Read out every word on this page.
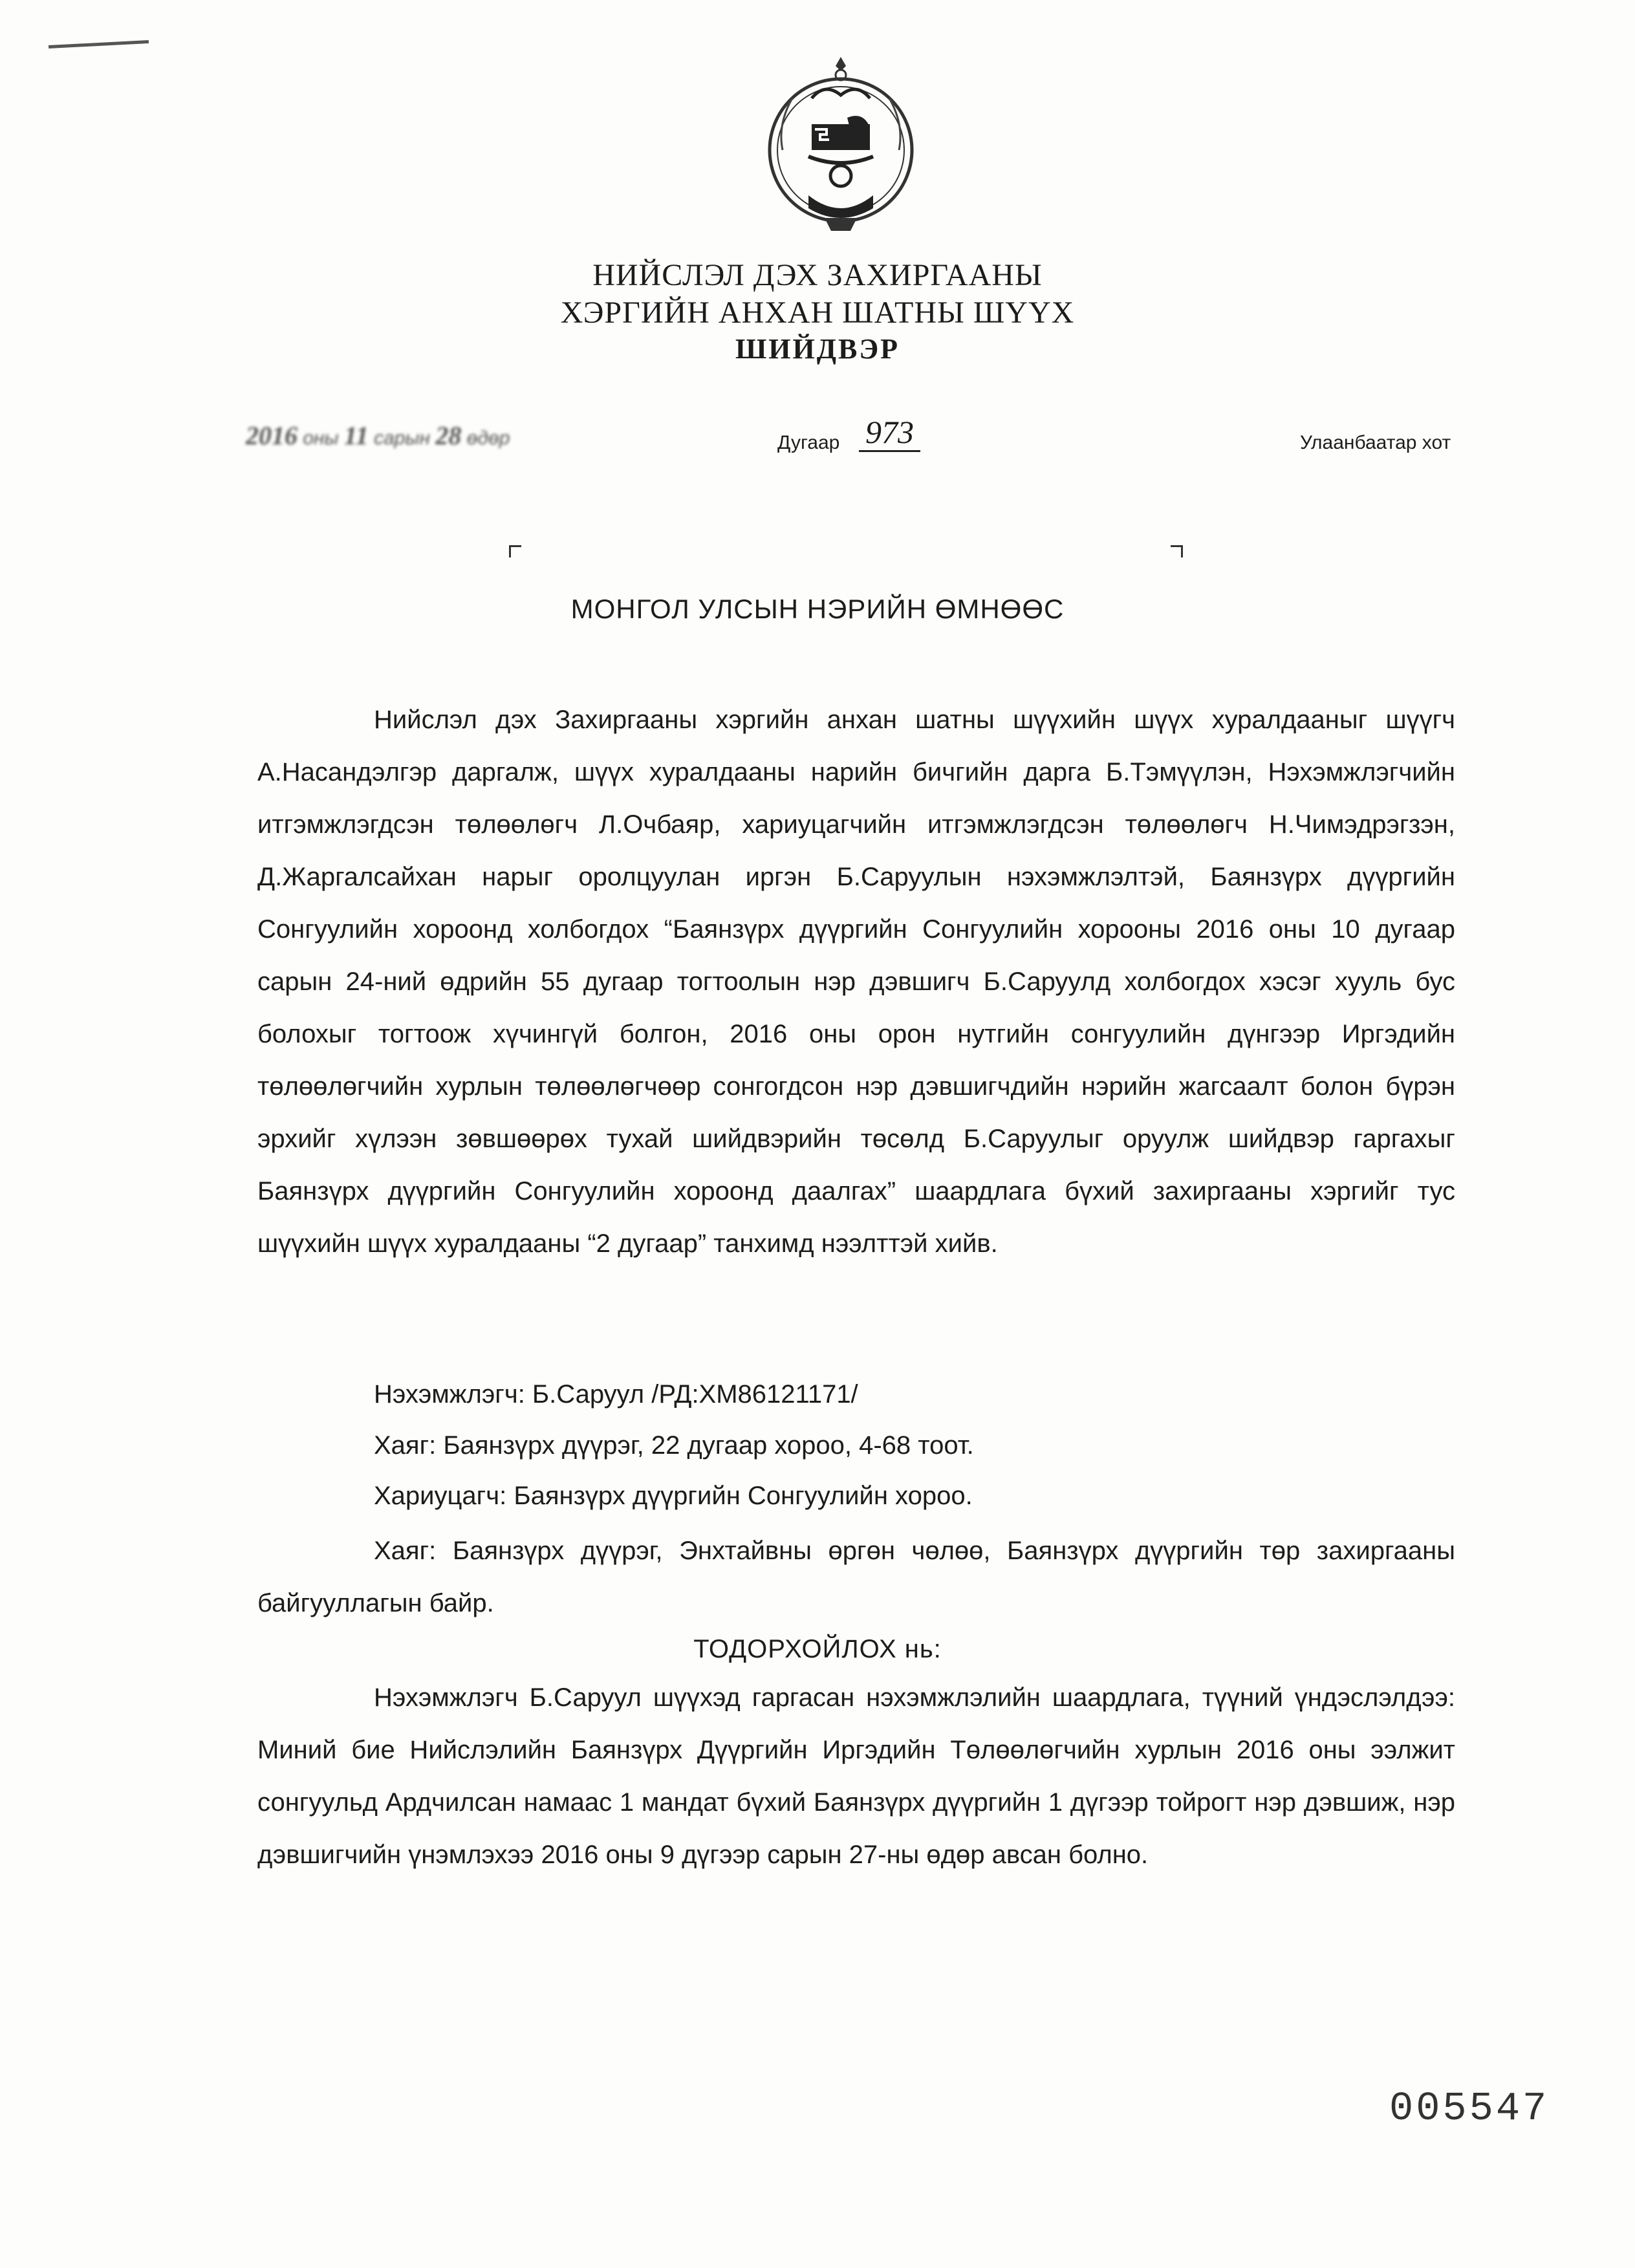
НИЙСЛЭЛ ДЭХ ЗАХИРГААНЫ
ХЭРГИЙН АНХАН ШАТНЫ ШҮҮХ
ШИЙДВЭР
2016 оны 11 сарын 28 өдөр	Дугаар 973	Улаанбаатар хот
МОНГОЛ УЛСЫН НЭРИЙН ӨМНӨӨС

Нийслэл дэх Захиргааны хэргийн анхан шатны шүүхийн шүүх хуралдааныг шүүгч А.Насандэлгэр даргалж, шүүх хуралдааны нарийн бичгийн дарга Б.Тэмүүлэн, Нэхэмжлэгчийн итгэмжлэгдсэн төлөөлөгч Л.Очбаяр, хариуцагчийн итгэмжлэгдсэн төлөөлөгч Н.Чимэдрэгзэн, Д.Жаргалсайхан нарыг оролцуулан иргэн Б.Саруулын нэхэмжлэлтэй, Баянзүрх дүүргийн Сонгуулийн хороонд холбогдох “Баянзүрх дүүргийн Сонгуулийн хорооны 2016 оны 10 дугаар сарын 24-ний өдрийн 55 дугаар тогтоолын нэр дэвшигч Б.Саруулд холбогдох хэсэг хууль бус болохыг тогтоож хүчингүй болгон, 2016 оны орон нутгийн сонгуулийн дүнгээр Иргэдийн төлөөлөгчийн хурлын төлөөлөгчөөр сонгогдсон нэр дэвшигчдийн нэрийн жагсаалт болон бүрэн эрхийг хүлээн зөвшөөрөх тухай шийдвэрийн төсөлд Б.Саруулыг оруулж шийдвэр гаргахыг Баянзүрх дүүргийн Сонгуулийн хороонд даалгах” шаардлага бүхий захиргааны хэргийг тус шүүхийн шүүх хуралдааны “2 дугаар” танхимд нээлттэй хийв.

Нэхэмжлэгч: Б.Саруул /РД:ХМ86121171/
Хаяг: Баянзүрх дүүрэг, 22 дугаар хороо, 4-68 тоот.
Хариуцагч: Баянзүрх дүүргийн Сонгуулийн хороо.

Хаяг: Баянзүрх дүүрэг, Энхтайвны өргөн чөлөө, Баянзүрх дүүргийн төр захиргааны байгууллагын байр.

ТОДОРХОЙЛОХ нь:

Нэхэмжлэгч Б.Саруул шүүхэд гаргасан нэхэмжлэлийн шаардлага, түүний үндэслэлдээ: Миний бие Нийслэлийн Баянзүрх Дүүргийн Иргэдийн Төлөөлөгчийн хурлын 2016 оны ээлжит сонгуульд Ардчилсан намаас 1 мандат бүхий Баянзүрх дүүргийн 1 дүгээр тойрогт нэр дэвшиж, нэр дэвшигчийн үнэмлэхээ 2016 оны 9 дүгээр сарын 27-ны өдөр авсан болно.

005547
